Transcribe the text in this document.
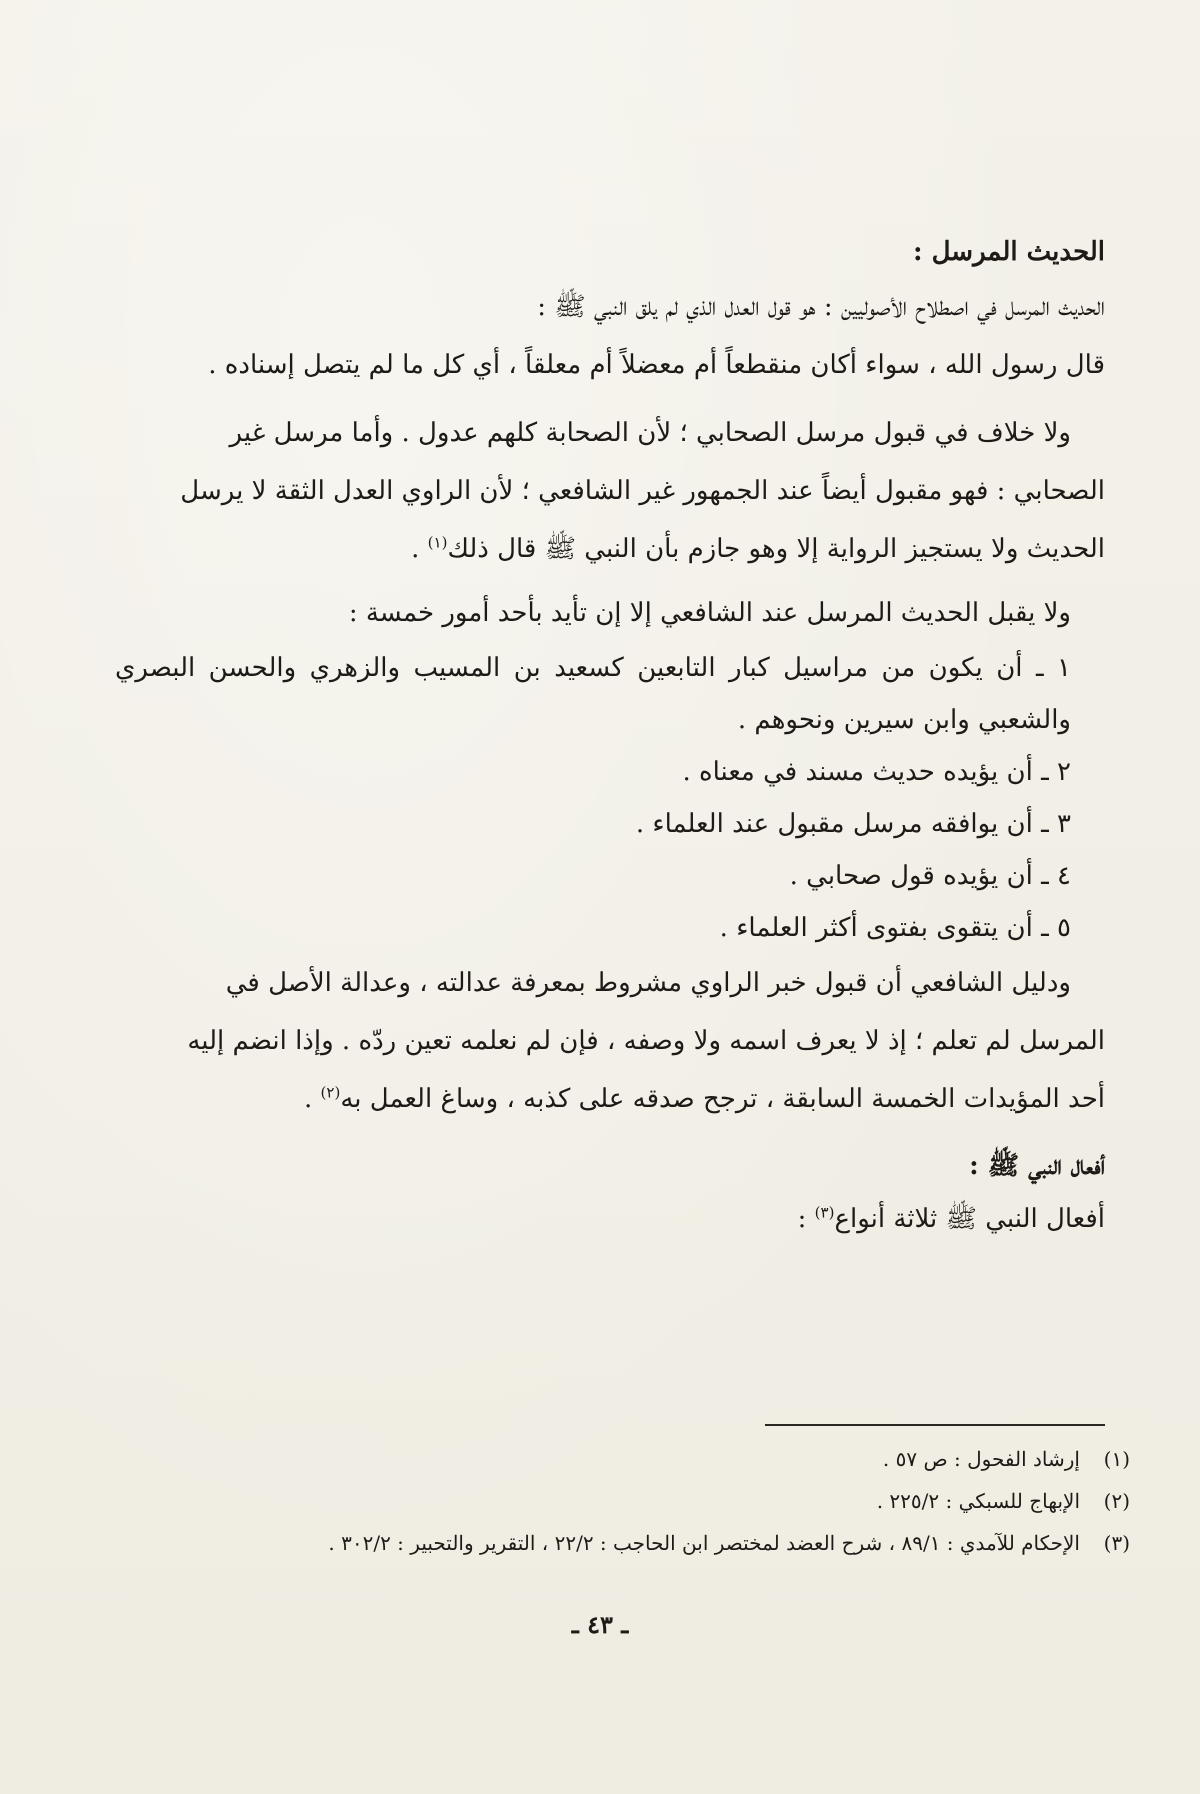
الحديث المرسل :

الحديث المرسل في اصطلاح الأصوليين : هو قول العدل الذي لم يلق النبي ﷺ :
قال رسول الله ، سواء أكان منقطعاً أم معضلاً أم معلقاً ، أي كل ما لم يتصل إسناده .

ولا خلاف في قبول مرسل الصحابي ؛ لأن الصحابة كلهم عدول . وأما مرسل غير
الصحابي : فهو مقبول أيضاً عند الجمهور غير الشافعي ؛ لأن الراوي العدل الثقة لا يرسل
الحديث ولا يستجيز الرواية إلا وهو جازم بأن النبي ﷺ قال ذلك$^{(١)}$ .

ولا يقبل الحديث المرسل عند الشافعي إلا إن تأيد بأحد أمور خمسة :

١ ـ أن يكون من مراسيل كبار التابعين كسعيد بن المسيب والزهري والحسن البصري والشعبي وابن سيرين ونحوهم .
٢ ـ أن يؤيده حديث مسند في معناه .
٣ ـ أن يوافقه مرسل مقبول عند العلماء .
٤ ـ أن يؤيده قول صحابي .
٥ ـ أن يتقوى بفتوى أكثر العلماء .

ودليل الشافعي أن قبول خبر الراوي مشروط بمعرفة عدالته ، وعدالة الأصل في
المرسل لم تعلم ؛ إذ لا يعرف اسمه ولا وصفه ، فإن لم نعلمه تعين ردّه . وإذا انضم إليه
أحد المؤيدات الخمسة السابقة ، ترجح صدقه على كذبه ، وساغ العمل به$^{(٢)}$ .

أفعال النبي ﷺ :

أفعال النبي ﷺ ثلاثة أنواع$^{(٣)}$ :

(١)
إرشاد الفحول : ص ٥٧ .
(٢)
الإبهاج للسبكي : ٢٢٥/٢ .
(٣)
الإحكام للآمدي : ٨٩/١ ، شرح العضد لمختصر ابن الحاجب : ٢٢/٢ ، التقرير والتحبير : ٣٠٢/٢ .
ـ ٤٣ ـ
